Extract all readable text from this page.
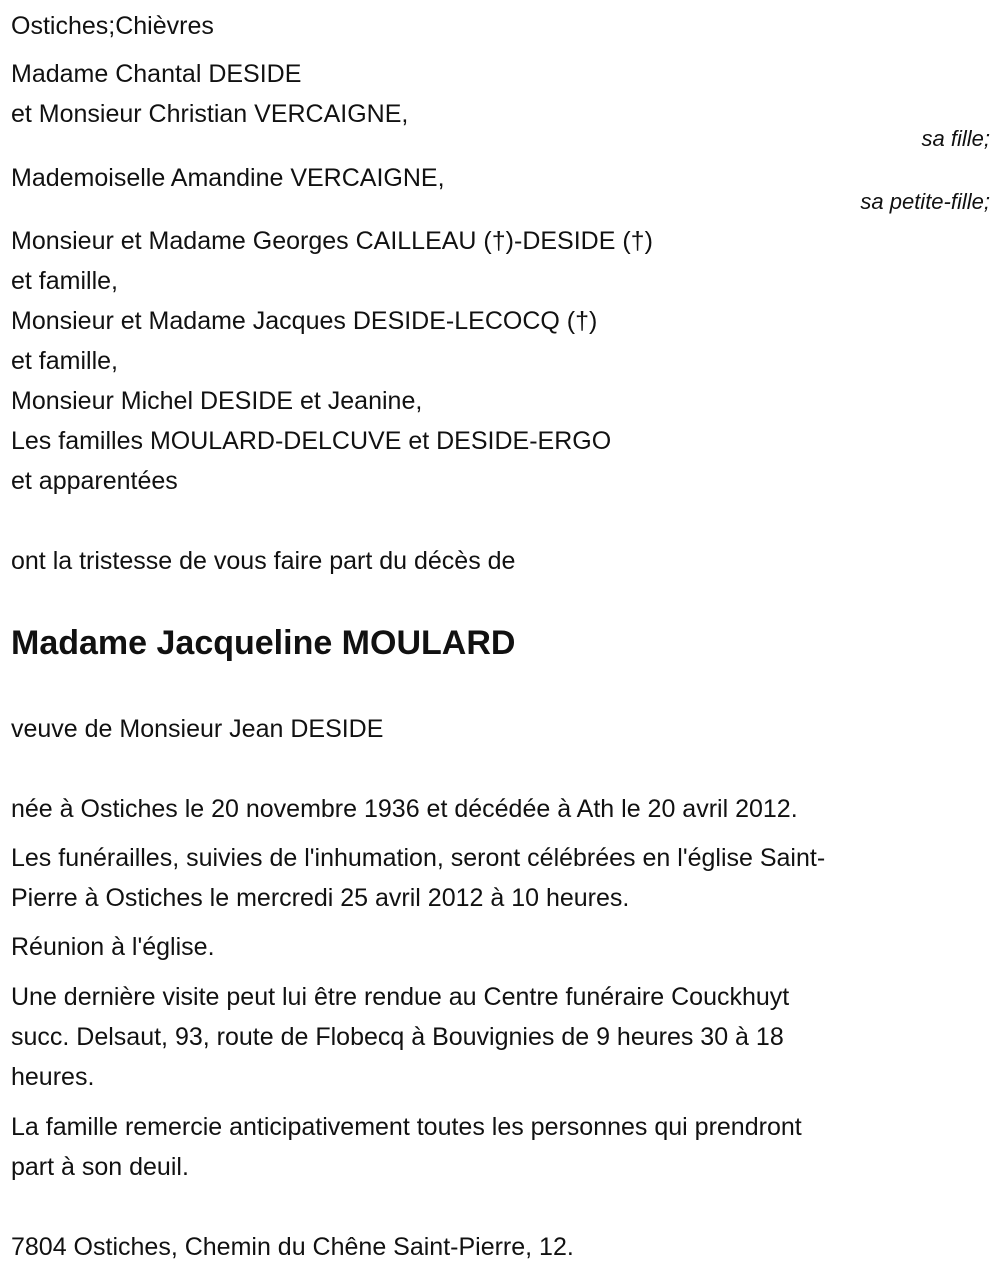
Ostiches;Chièvres
Madame Chantal DESIDE
et Monsieur Christian VERCAIGNE,
sa fille;
Mademoiselle Amandine VERCAIGNE,
sa petite-fille;
Monsieur et Madame Georges CAILLEAU (†)-DESIDE (†)
et famille,
Monsieur et Madame Jacques DESIDE-LECOCQ (†)
et famille,
Monsieur Michel DESIDE et Jeanine,
Les familles MOULARD-DELCUVE et DESIDE-ERGO
et apparentées
ont la tristesse de vous faire part du décès de
Madame Jacqueline MOULARD
veuve de Monsieur Jean DESIDE
née à Ostiches le 20 novembre 1936 et décédée à Ath le 20 avril 2012.
Les funérailles, suivies de l'inhumation, seront célébrées en l'église Saint-
Pierre à Ostiches le mercredi 25 avril 2012 à 10 heures.
Réunion à l'église.
Une dernière visite peut lui être rendue au Centre funéraire Couckhuyt
succ. Delsaut, 93, route de Flobecq à Bouvignies de 9 heures 30 à 18
heures.
La famille remercie anticipativement toutes les personnes qui prendront
part à son deuil.
7804 Ostiches, Chemin du Chêne Saint-Pierre, 12.
